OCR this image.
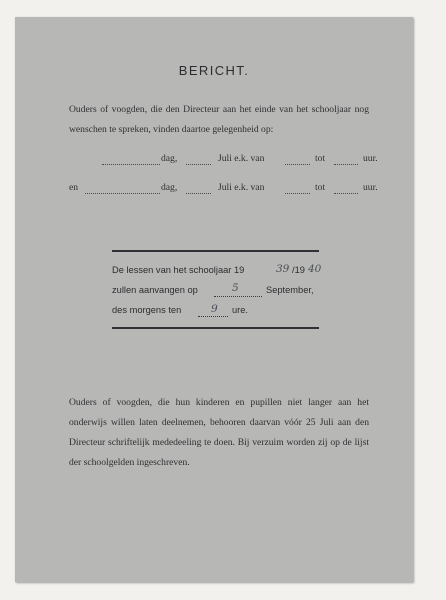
BERICHT.
Ouders of voogden, die den Directeur aan het einde van het schooljaar nog wenschen te spreken, vinden daartoe gelegenheid op:
dag,	Juli e.k. van	tot	uur.
en	dag,	Juli e.k. van	tot	uur.
De lessen van het schooljaar 19	39 /19 40
zullen aanvangen op	5	September,
des morgens ten	9 ure.
Ouders of voogden, die hun kinderen en pupillen niet langer aan het onderwijs willen laten deelnemen, behooren daarvan vóór 25 Juli aan den Directeur schriftelijk mededeeling te doen. Bij verzuim worden zij op de lijst der schoolgelden ingeschreven.
